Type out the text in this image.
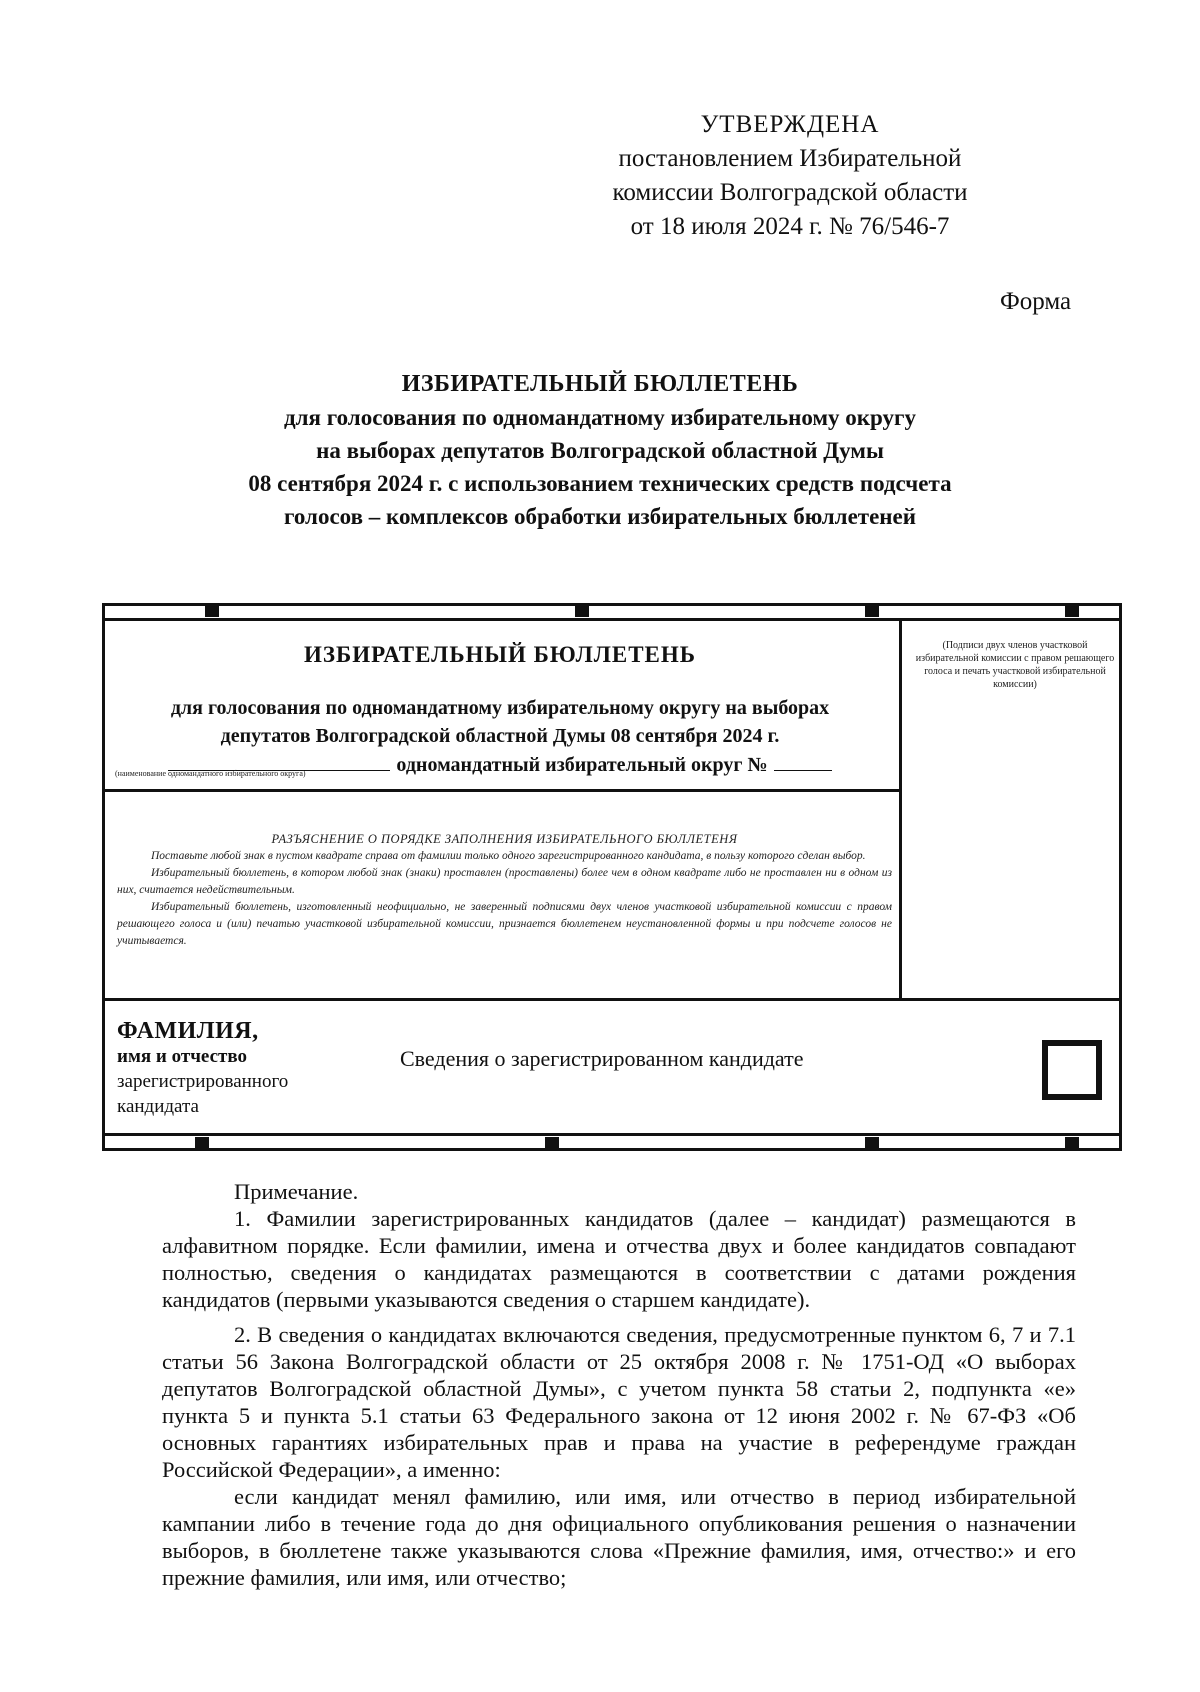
УТВЕРЖДЕНА
постановлением Избирательной
комиссии Волгоградской области
от 18 июля 2024 г. № 76/546-7
Форма
ИЗБИРАТЕЛЬНЫЙ БЮЛЛЕТЕНЬ
для голосования по одномандатному избирательному округу
на выборах депутатов Волгоградской областной Думы
08 сентября 2024 г. с использованием технических средств подсчета
голосов – комплексов обработки избирательных бюллетеней
ИЗБИРАТЕЛЬНЫЙ БЮЛЛЕТЕНЬ
для голосования по одномандатному избирательному округу на выборах
депутатов Волгоградской областной Думы 08 сентября 2024 г.
одномандатный избирательный округ №
(наименование одномандатного избирательного округа)
(Подписи двух членов участковой избирательной комиссии с правом решающего голоса и печать участковой избирательной комиссии)
РАЗЪЯСНЕНИЕ О ПОРЯДКЕ ЗАПОЛНЕНИЯ ИЗБИРАТЕЛЬНОГО БЮЛЛЕТЕНЯ

Поставьте любой знак в пустом квадрате справа от фамилии только одного зарегистрированного кандидата, в пользу которого сделан выбор.

Избирательный бюллетень, в котором любой знак (знаки) проставлен (проставлены) более чем в одном квадрате либо не проставлен ни в одном из них, считается недействительным.

Избирательный бюллетень, изготовленный неофициально, не заверенный подписями двух членов участковой избирательной комиссии с правом решающего голоса и (или) печатью участковой избирательной комиссии, признается бюллетенем неустановленной формы и при подсчете голосов не учитывается.

ФАМИЛИЯ,
имя и отчество
зарегистрированного
кандидата
Сведения о зарегистрированном кандидате
Примечание.

1. Фамилии зарегистрированных кандидатов (далее – кандидат) размещаются в алфавитном порядке. Если фамилии, имена и отчества двух и более кандидатов совпадают полностью, сведения о кандидатах размещаются в соответствии с датами рождения кандидатов (первыми указываются сведения о старшем кандидате).

2. В сведения о кандидатах включаются сведения, предусмотренные пунктом 6, 7 и 7.1 статьи 56 Закона Волгоградской области от 25 октября 2008 г. № 1751-ОД «О выборах депутатов Волгоградской областной Думы», с учетом пункта 58 статьи 2, подпункта «е» пункта 5 и пункта 5.1 статьи 63 Федерального закона от 12 июня 2002 г. № 67-ФЗ «Об основных гарантиях избирательных прав и права на участие в референдуме граждан Российской Федерации», а именно:

если кандидат менял фамилию, или имя, или отчество в период избирательной кампании либо в течение года до дня официального опубликования решения о назначении выборов, в бюллетене также указываются слова «Прежние фамилия, имя, отчество:» и его прежние фамилия, или имя, или отчество;
